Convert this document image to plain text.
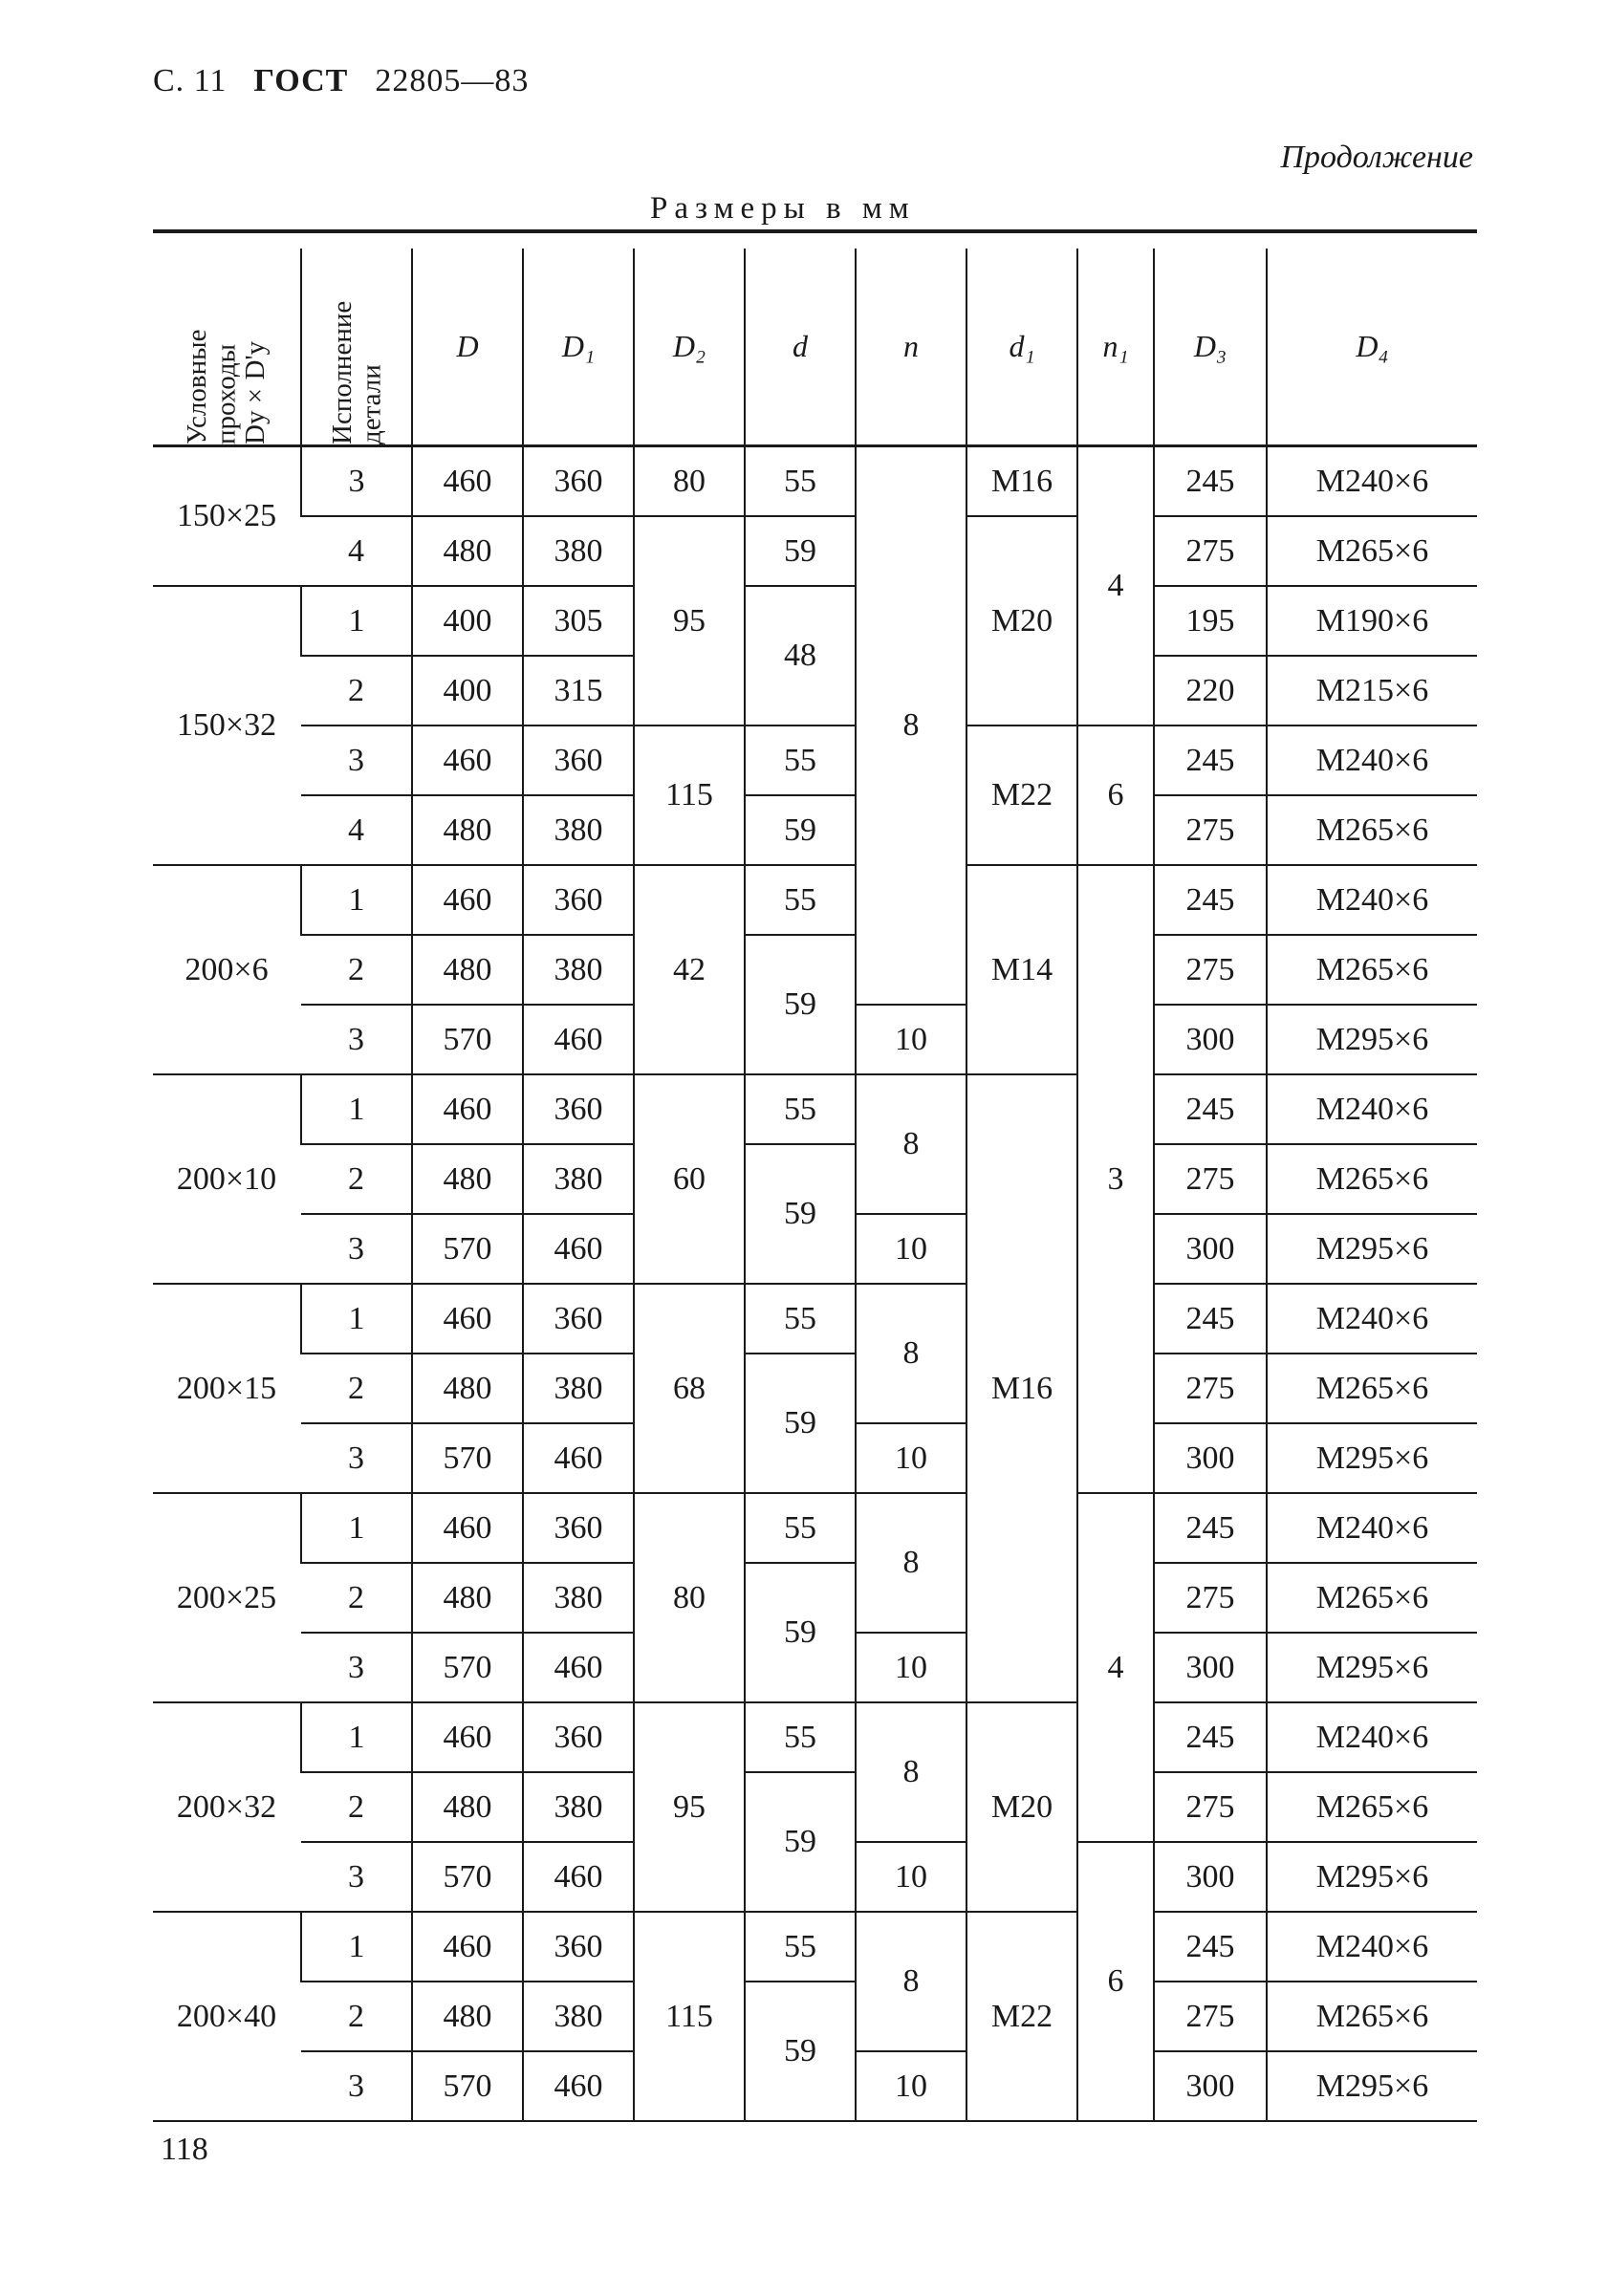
С. 11 ГОСТ 22805—83
Продолжение
Размеры в мм
Условные проходы Dy×D'y	Исполнение детали	D	D₁	D₂	d	n	d₁	n₁	D₃	D₄
150×25	3	460	360	80	55	8	M16	4	245	M240×6
	4	480	380	95	59		M20		275	M265×6
150×32	1	400	305		48				195	M190×6
	2	400	315						220	M215×6
	3	460	360	115	55		M22	6	245	M240×6
	4	480	380		59				275	M265×6
200×6	1	460	360	42	55		M14	3	245	M240×6
	2	480	380		59				275	M265×6
	3	570	460			10			300	M295×6
200×10	1	460	360	60	55	8	M16		245	M240×6
	2	480	380		59				275	M265×6
	3	570	460			10			300	M295×6
200×15	1	460	360	68	55	8			245	M240×6
	2	480	380		59				275	M265×6
	3	570	460			10			300	M295×6
200×25	1	460	360	80	55	8		4	245	M240×6
	2	480	380		59				275	M265×6
	3	570	460			10			300	M295×6
200×32	1	460	360	95	55	8	M20		245	M240×6
	2	480	380		59				275	M265×6
	3	570	460			10		6	300	M295×6
200×40	1	460	360	115	55	8	M22		245	M240×6
	2	480	380		59				275	M265×6
	3	570	460			10			300	M295×6
118
